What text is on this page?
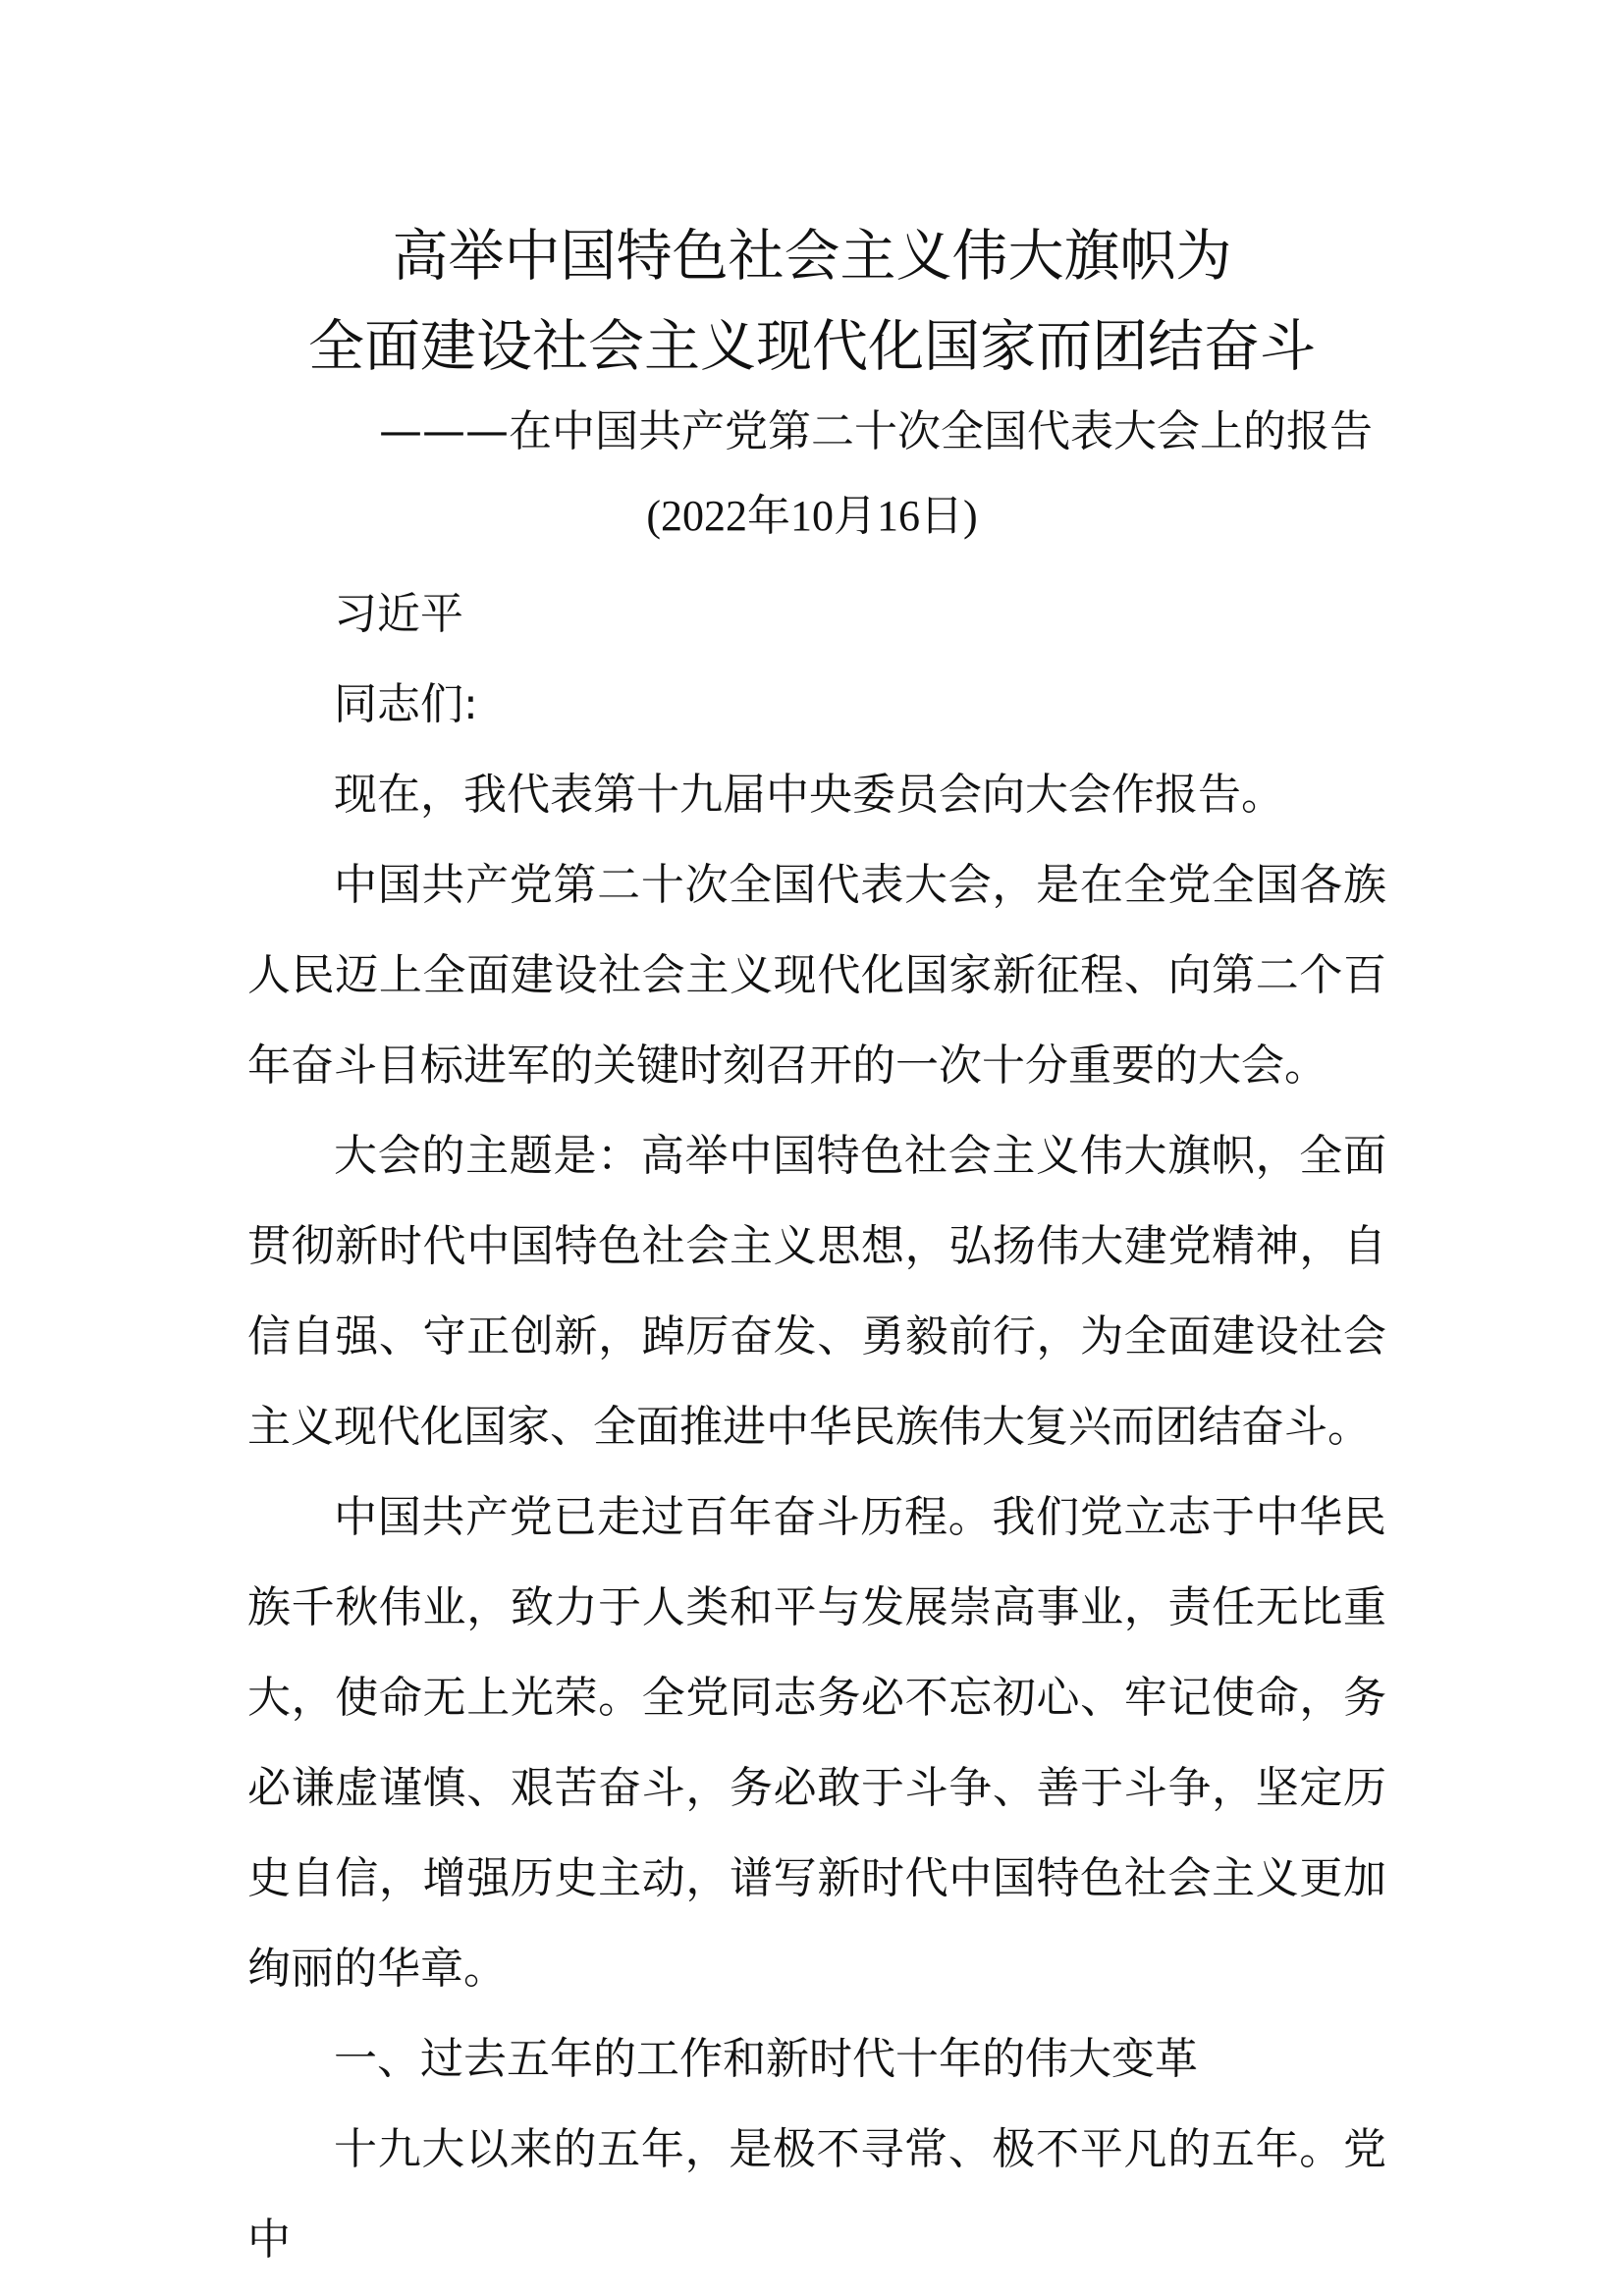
高举中国特色社会主义伟大旗帜为
全面建设社会主义现代化国家而团结奋斗
———在中国共产党第二十次全国代表大会上的报告
(2022年10月16日)

习近平

同志们:

现在，我代表第十九届中央委员会向大会作报告。

中国共产党第二十次全国代表大会，是在全党全国各族人民迈上全面建设社会主义现代化国家新征程、向第二个百年奋斗目标进军的关键时刻召开的一次十分重要的大会。

大会的主题是：高举中国特色社会主义伟大旗帜，全面贯彻新时代中国特色社会主义思想，弘扬伟大建党精神，自信自强、守正创新，踔厉奋发、勇毅前行，为全面建设社会主义现代化国家、全面推进中华民族伟大复兴而团结奋斗。

中国共产党已走过百年奋斗历程。我们党立志于中华民族千秋伟业，致力于人类和平与发展崇高事业，责任无比重大，使命无上光荣。全党同志务必不忘初心、牢记使命，务必谦虚谨慎、艰苦奋斗，务必敢于斗争、善于斗争，坚定历史自信，增强历史主动，谱写新时代中国特色社会主义更加绚丽的华章。

一、过去五年的工作和新时代十年的伟大变革

十九大以来的五年，是极不寻常、极不平凡的五年。党中
